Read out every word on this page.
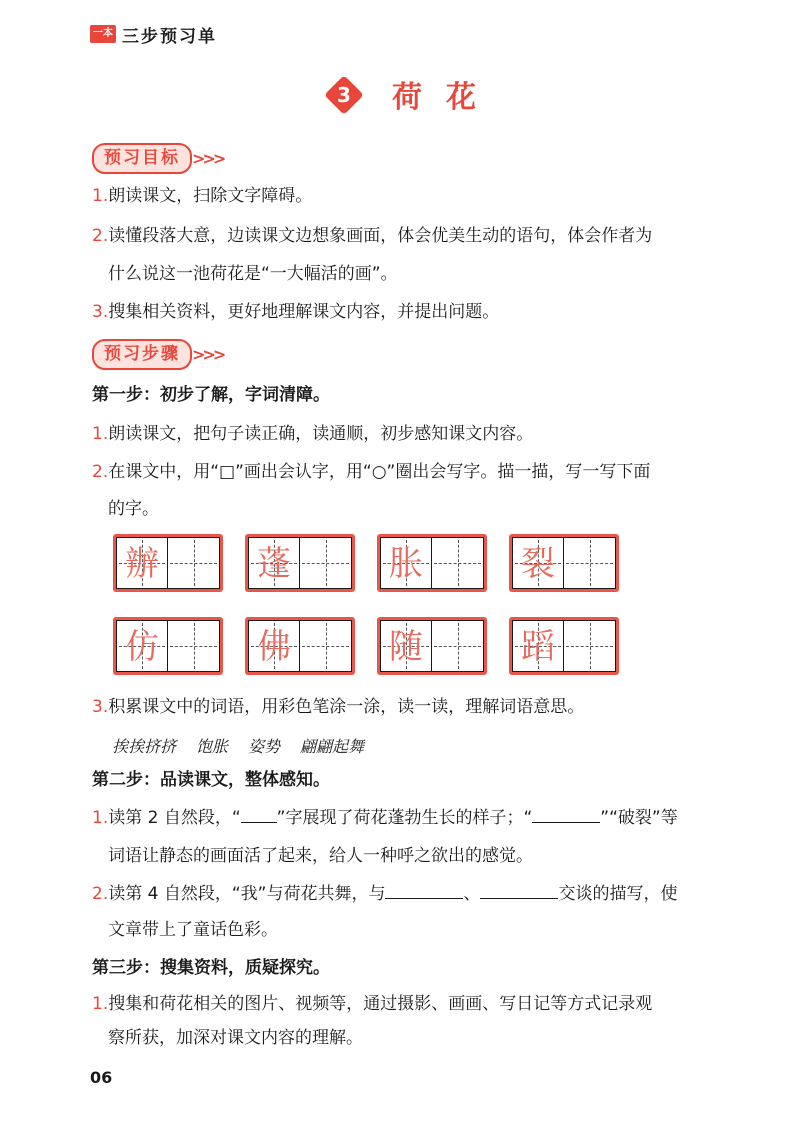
一本 三步预习单
3 荷花
预习目标 >>>
1.朗读课文，扫除文字障碍。
2.读懂段落大意，边读课文边想象画面，体会优美生动的语句，体会作者为
什么说这一池荷花是“一大幅活的画”。
3.搜集相关资料，更好地理解课文内容，并提出问题。
预习步骤 >>>
第一步：初步了解，字词清障。
1.朗读课文，把句子读正确，读通顺，初步感知课文内容。
2.在课文中，用“□”画出会认字，用“○”圈出会写字。描一描，写一写下面
的字。
辦	蓬	胀	裂
仿	佛	随	蹈
3.积累课文中的词语，用彩色笔涂一涂，读一读，理解词语意思。
挨挨挤挤 饱胀 姿势 翩翩起舞
第二步：品读课文，整体感知。
1.读第 2 自然段，“ ”字展现了荷花蓬勃生长的样子；“	”“破裂”等
词语让静态的画面活了起来，给人一种呼之欲出的感觉。
2.读第 4 自然段，“我”与荷花共舞，与	、	交谈的描写，使
文章带上了童话色彩。
第三步：搜集资料，质疑探究。
1.搜集和荷花相关的图片、视频等，通过摄影、画画、写日记等方式记录观
察所获，加深对课文内容的理解。
06
